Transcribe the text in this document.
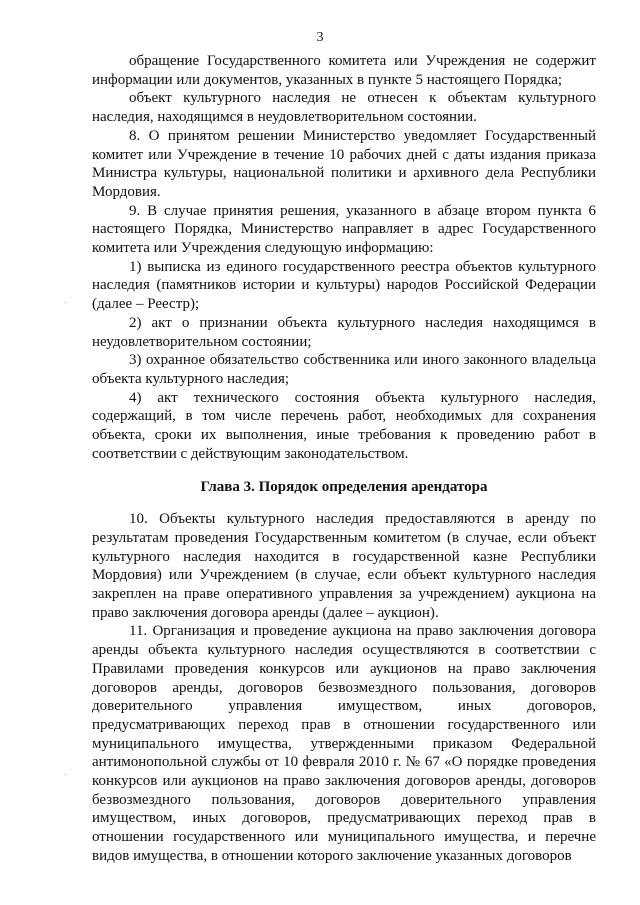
3
·
·

обращение Государственного комитета или Учреждения не содержит информации или документов, указанных в пункте 5 настоящего Порядка;

объект культурного наследия не отнесен к объектам культурного наследия, находящимся в неудовлетворительном состоянии.

8. О принятом решении Министерство уведомляет Государственный комитет или Учреждение в течение 10 рабочих дней с даты издания приказа Министра культуры, национальной политики и архивного дела Республики Мордовия.

9. В случае принятия решения, указанного в абзаце втором пункта 6 настоящего Порядка, Министерство направляет в адрес Государственного комитета или Учреждения следующую информацию:

1) выписка из единого государственного реестра объектов культурного наследия (памятников истории и культуры) народов Российской Федерации (далее – Реестр);

2) акт о признании объекта культурного наследия находящимся в неудовлетворительном состоянии;

3) охранное обязательство собственника или иного законного владельца объекта культурного наследия;

4) акт технического состояния объекта культурного наследия, содержащий, в том числе перечень работ, необходимых для сохранения объекта, сроки их выполнения, иные требования к проведению работ в соответствии с действующим законодательством.

Глава 3. Порядок определения арендатора

10. Объекты культурного наследия предоставляются в аренду по результатам проведения Государственным комитетом (в случае, если объект культурного наследия находится в государственной казне Республики Мордовия) или Учреждением (в случае, если объект культурного наследия закреплен на праве оперативного управления за учреждением) аукциона на право заключения договора аренды (далее – аукцион).

11. Организация и проведение аукциона на право заключения договора аренды объекта культурного наследия осуществляются в соответствии с Правилами проведения конкурсов или аукционов на право заключения договоров аренды, договоров безвозмездного пользования, договоров доверительного управления имуществом, иных договоров, предусматривающих переход прав в отношении государственного или муниципального имущества, утвержденными приказом Федеральной антимонопольной службы от 10 февраля 2010 г. № 67 «О порядке проведения конкурсов или аукционов на право заключения договоров аренды, договоров безвозмездного пользования, договоров доверительного управления имуществом, иных договоров, предусматривающих переход прав в отношении государственного или муниципального имущества, и перечне видов имущества, в отношении которого заключение указанных договоров
